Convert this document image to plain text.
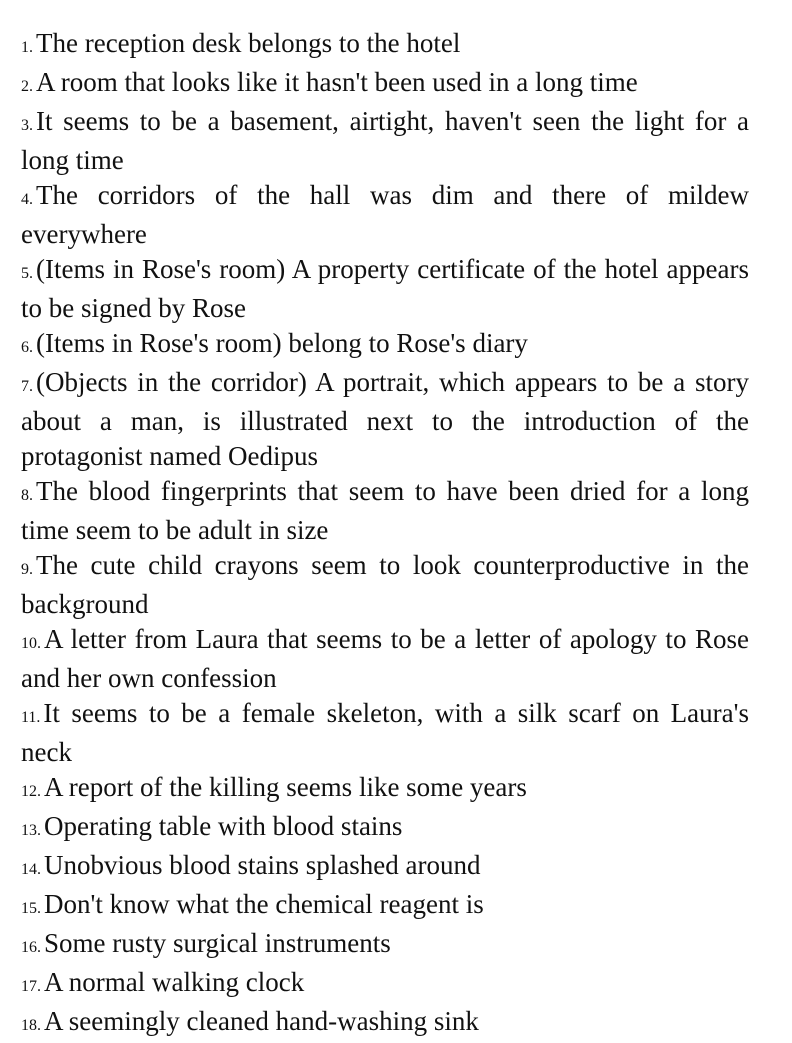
1. The reception desk belongs to the hotel

2. A room that looks like it hasn't been used in a long time

3. It seems to be a basement, airtight, haven't seen the light for a long time

4. The corridors of the hall was dim and there of mildew everywhere

5. (Items in Rose's room) A property certificate of the hotel appears to be signed by Rose

6. (Items in Rose's room) belong to Rose's diary

7. (Objects in the corridor) A portrait, which appears to be a story about a man, is illustrated next to the introduction of the protagonist named Oedipus

8. The blood fingerprints that seem to have been dried for a long time seem to be adult in size

9. The cute child crayons seem to look counterproductive in the background

10. A letter from Laura that seems to be a letter of apology to Rose and her own confession

11. It seems to be a female skeleton, with a silk scarf on Laura's neck

12. A report of the killing seems like some years

13. Operating table with blood stains

14. Unobvious blood stains splashed around

15. Don't know what the chemical reagent is

16. Some rusty surgical instruments

17. A normal walking clock

18. A seemingly cleaned hand-washing sink
